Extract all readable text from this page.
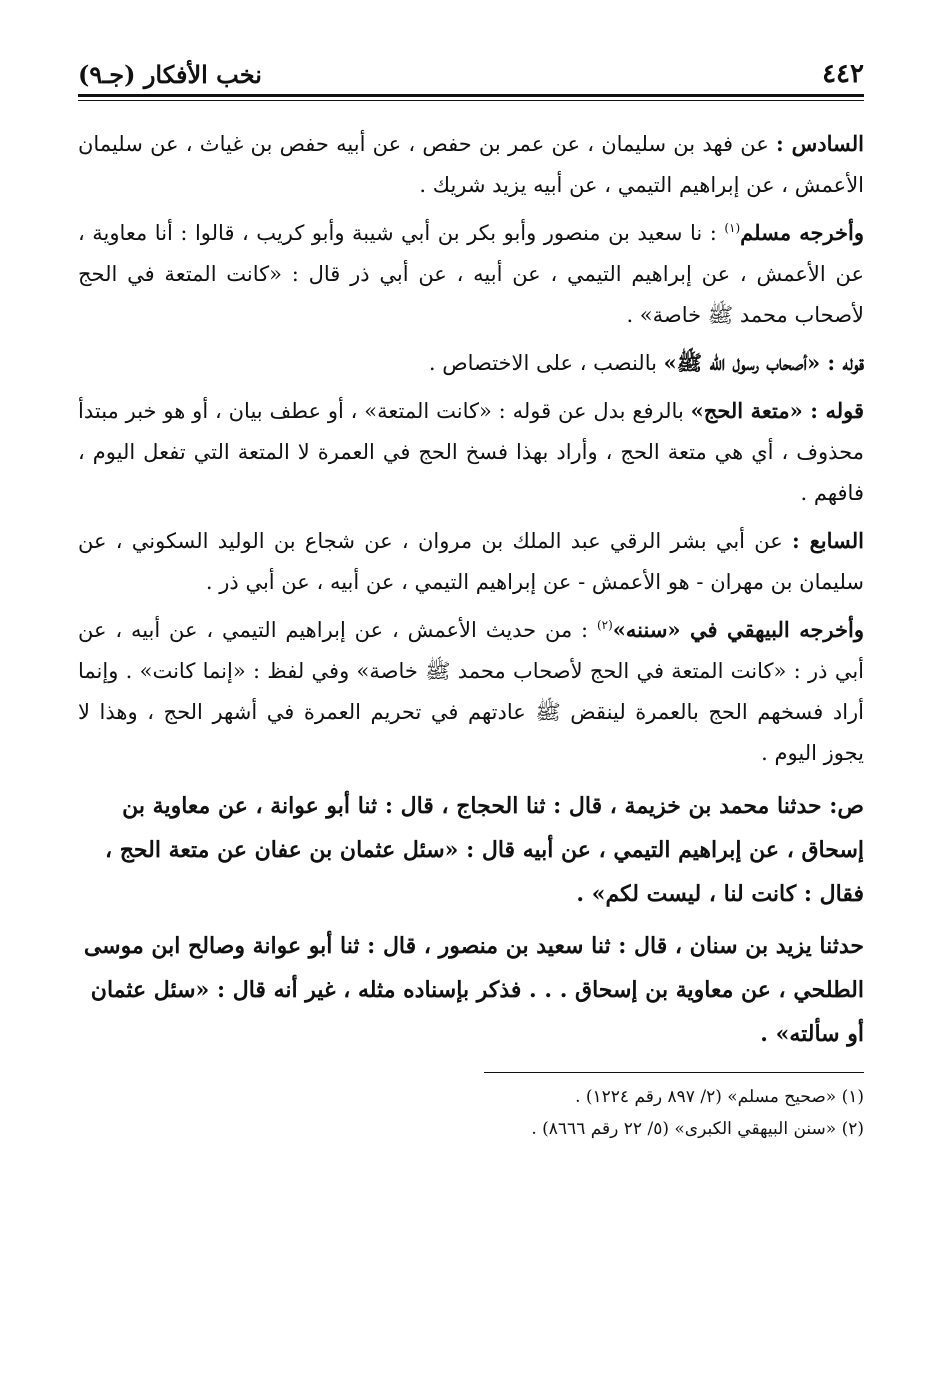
٤٤٢
نخب الأفكار (جـ٩)

السادس : عن فهد بن سليمان ، عن عمر بن حفص ، عن أبيه حفص بن غياث ، عن سليمان الأعمش ، عن إبراهيم التيمي ، عن أبيه يزيد شريك .

وأخرجه مسلم$^{(١)}$ : نا سعيد بن منصور وأبو بكر بن أبي شيبة وأبو كريب ، قالوا : أنا معاوية ، عن الأعمش ، عن إبراهيم التيمي ، عن أبيه ، عن أبي ذر قال : «كانت المتعة في الحج لأصحاب محمد ﷺ خاصة» .

قوله : «أصحاب رسول الله ﷺ» بالنصب ، على الاختصاص .

قوله : «متعة الحج» بالرفع بدل عن قوله : «كانت المتعة» ، أو عطف بيان ، أو هو خبر مبتدأ محذوف ، أي هي متعة الحج ، وأراد بهذا فسخ الحج في العمرة لا المتعة التي تفعل اليوم ، فافهم .

السابع : عن أبي بشر الرقي عبد الملك بن مروان ، عن شجاع بن الوليد السكوني ، عن سليمان بن مهران - هو الأعمش - عن إبراهيم التيمي ، عن أبيه ، عن أبي ذر .

وأخرجه البيهقي في «سننه»$^{(٢)}$ : من حديث الأعمش ، عن إبراهيم التيمي ، عن أبيه ، عن أبي ذر : «كانت المتعة في الحج لأصحاب محمد ﷺ خاصة» وفي لفظ : «إنما كانت» . وإنما أراد فسخهم الحج بالعمرة لينقض ﷺ عادتهم في تحريم العمرة في أشهر الحج ، وهذا لا يجوز اليوم .

ص: حدثنا محمد بن خزيمة ، قال : ثنا الحجاج ، قال : ثنا أبو عوانة ، عن معاوية بن إسحاق ، عن إبراهيم التيمي ، عن أبيه قال : «سئل عثمان بن عفان عن متعة الحج ، فقال : كانت لنا ، ليست لكم» .

حدثنا يزيد بن سنان ، قال : ثنا سعيد بن منصور ، قال : ثنا أبو عوانة وصالح ابن موسى الطلحي ، عن معاوية بن إسحاق . . . فذكر بإسناده مثله ، غير أنه قال : «سئل عثمان أو سألته» .

(١) «صحيح مسلم» (٢/ ٨٩٧ رقم ١٢٢٤) .

(٢) «سنن البيهقي الكبرى» (٥/ ٢٢ رقم ٨٦٦٦) .
